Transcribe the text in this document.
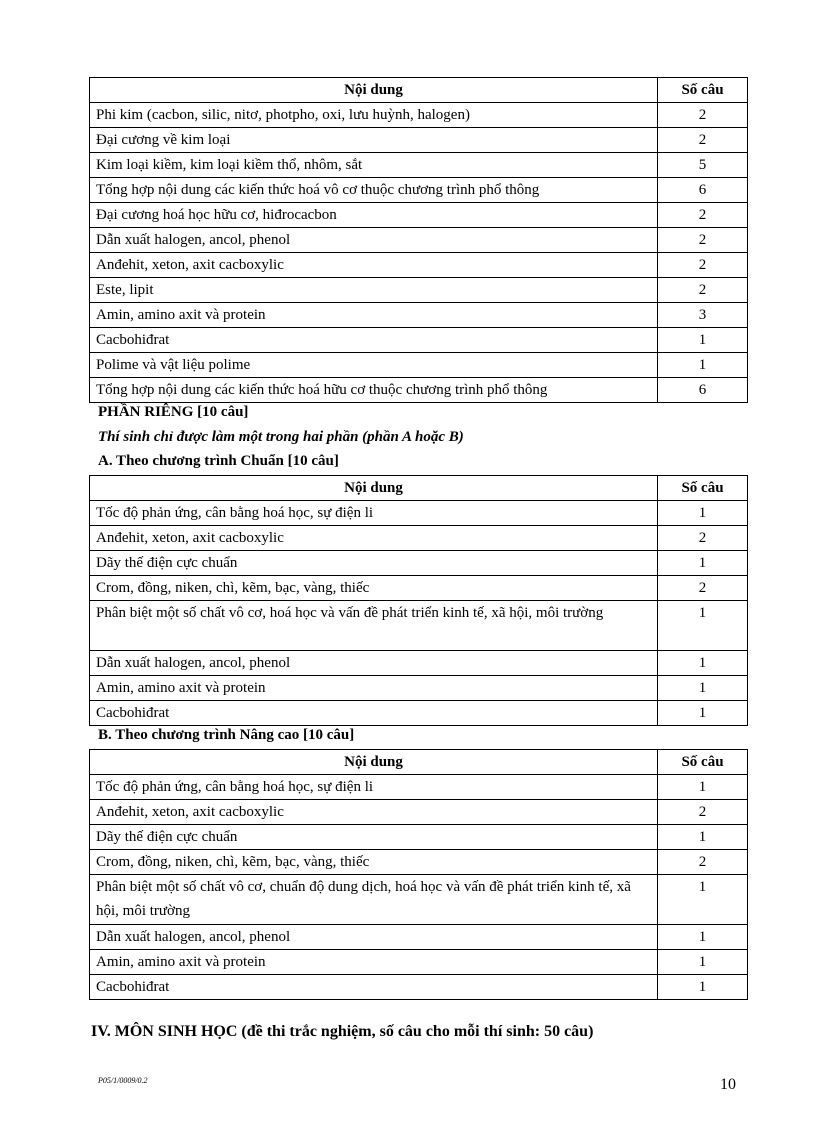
Nội dung	Số câu
Phi kim (cacbon, silic, nitơ, photpho, oxi, lưu huỳnh, halogen)	2
Đại cương về kim loại	2
Kim loại kiềm, kim loại kiềm thổ, nhôm, sắt	5
Tổng hợp nội dung các kiến thức hoá vô cơ thuộc chương trình phổ thông	6
Đại cương hoá học hữu cơ, hiđrocacbon	2
Dẫn xuất halogen, ancol, phenol	2
Anđehit, xeton, axit cacboxylic	2
Este, lipit	2
Amin, amino axit và protein	3
Cacbohiđrat	1
Polime và vật liệu polime	1
Tổng hợp nội dung các kiến thức hoá hữu cơ thuộc chương trình phổ thông	6
PHẦN RIÊNG [10 câu]
Thí sinh chỉ được làm một trong hai phần (phần A hoặc B)
A. Theo chương trình Chuẩn [10 câu]
Nội dung	Số câu
Tốc độ phản ứng, cân bằng hoá học, sự điện li	1
Anđehit, xeton, axit cacboxylic	2
Dãy thế điện cực chuẩn	1
Crom, đồng, niken, chì, kẽm, bạc, vàng, thiếc	2
Phân biệt một số chất vô cơ, hoá học và vấn đề phát triển kinh tế, xã hội, môi trường	1
Dẫn xuất halogen, ancol, phenol	1
Amin, amino axit và protein	1
Cacbohiđrat	1
B. Theo chương trình Nâng cao [10 câu]
Nội dung	Số câu
Tốc độ phản ứng, cân bằng hoá học, sự điện li	1
Anđehit, xeton, axit cacboxylic	2
Dãy thế điện cực chuẩn	1
Crom, đồng, niken, chì, kẽm, bạc, vàng, thiếc	2
Phân biệt một số chất vô cơ, chuẩn độ dung dịch, hoá học và vấn đề phát triển kinh tế, xã hội, môi trường	1
Dẫn xuất halogen, ancol, phenol	1
Amin, amino axit và protein	1
Cacbohiđrat	1
IV. MÔN SINH HỌC (đề thi trắc nghiệm, số câu cho mỗi thí sinh: 50 câu)
P05/1/0009/0.2	10
